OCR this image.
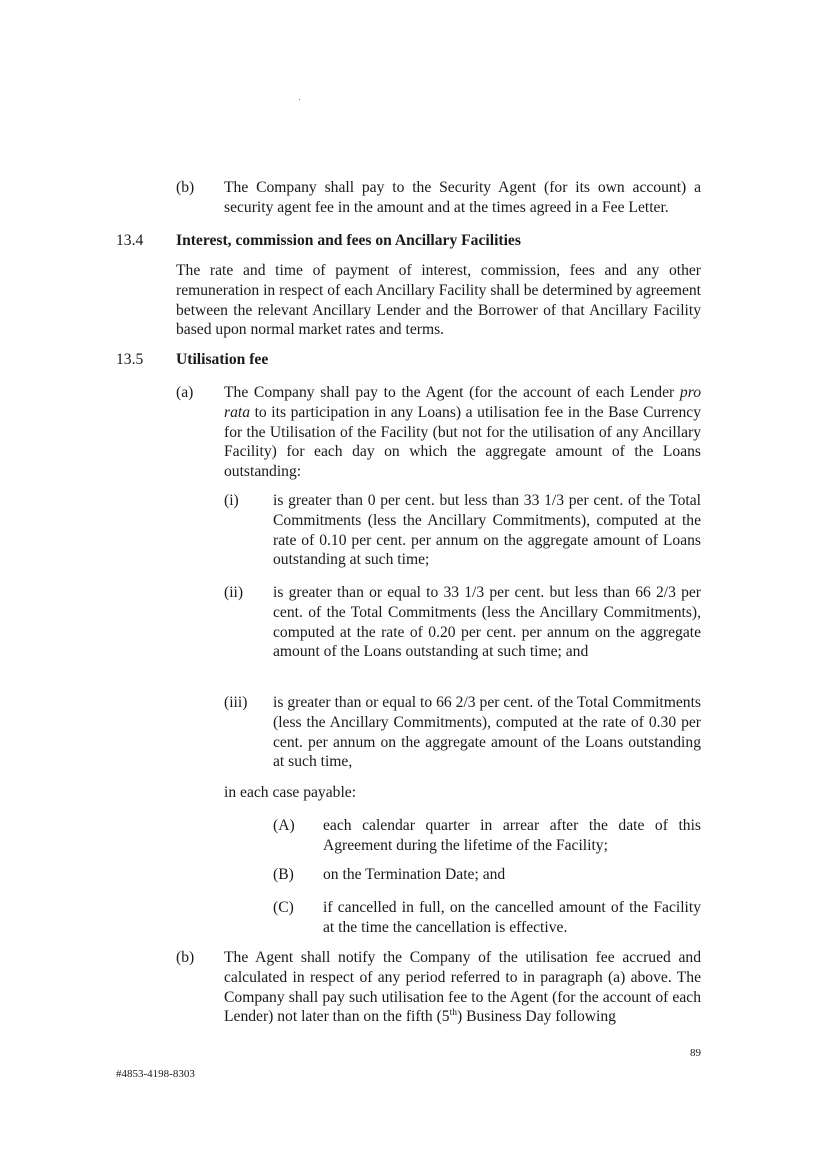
(b) The Company shall pay to the Security Agent (for its own account) a security agent fee in the amount and at the times agreed in a Fee Letter.
13.4 Interest, commission and fees on Ancillary Facilities
The rate and time of payment of interest, commission, fees and any other remuneration in respect of each Ancillary Facility shall be determined by agreement between the relevant Ancillary Lender and the Borrower of that Ancillary Facility based upon normal market rates and terms.
13.5 Utilisation fee
(a) The Company shall pay to the Agent (for the account of each Lender pro rata to its participation in any Loans) a utilisation fee in the Base Currency for the Utilisation of the Facility (but not for the utilisation of any Ancillary Facility) for each day on which the aggregate amount of the Loans outstanding:
(i) is greater than 0 per cent. but less than 33 1/3 per cent. of the Total Commitments (less the Ancillary Commitments), computed at the rate of 0.10 per cent. per annum on the aggregate amount of Loans outstanding at such time;
(ii) is greater than or equal to 33 1/3 per cent. but less than 66 2/3 per cent. of the Total Commitments (less the Ancillary Commitments), computed at the rate of 0.20 per cent. per annum on the aggregate amount of the Loans outstanding at such time; and
(iii) is greater than or equal to 66 2/3 per cent. of the Total Commitments (less the Ancillary Commitments), computed at the rate of 0.30 per cent. per annum on the aggregate amount of the Loans outstanding at such time,
in each case payable:
(A) each calendar quarter in arrear after the date of this Agreement during the lifetime of the Facility;
(B) on the Termination Date; and
(C) if cancelled in full, on the cancelled amount of the Facility at the time the cancellation is effective.
(b) The Agent shall notify the Company of the utilisation fee accrued and calculated in respect of any period referred to in paragraph (a) above. The Company shall pay such utilisation fee to the Agent (for the account of each Lender) not later than on the fifth (5th) Business Day following
89
#4853-4198-8303
